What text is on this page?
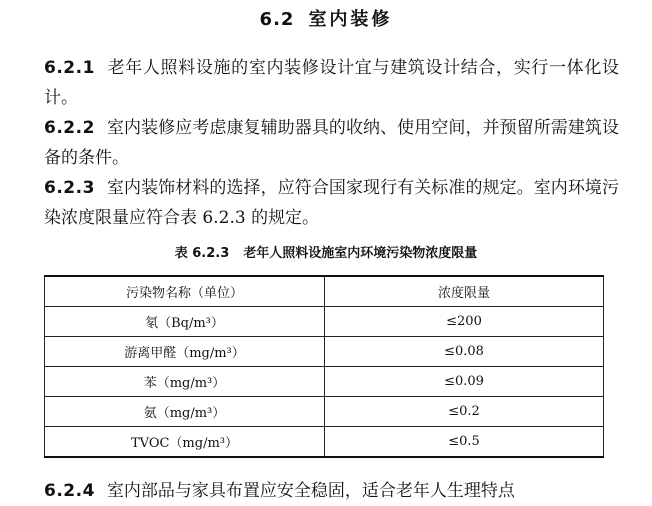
6.2 室内装修

6.2.1 老年人照料设施的室内装修设计宜与建筑设计结合，实行一体化设计。

6.2.2 室内装修应考虑康复辅助器具的收纳、使用空间，并预留所需建筑设备的条件。

6.2.3 室内装饰材料的选择，应符合国家现行有关标准的规定。室内环境污染浓度限量应符合表 6.2.3 的规定。

表 6.2.3 老年人照料设施室内环境污染物浓度限量
污染物名称（单位）	浓度限量
氡（Bq/m³）	≤200
游离甲醛（mg/m³）	≤0.08
苯（mg/m³）	≤0.09
氨（mg/m³）	≤0.2
TVOC（mg/m³）	≤0.5
6.2.4 室内部品与家具布置应安全稳固，适合老年人生理特点
